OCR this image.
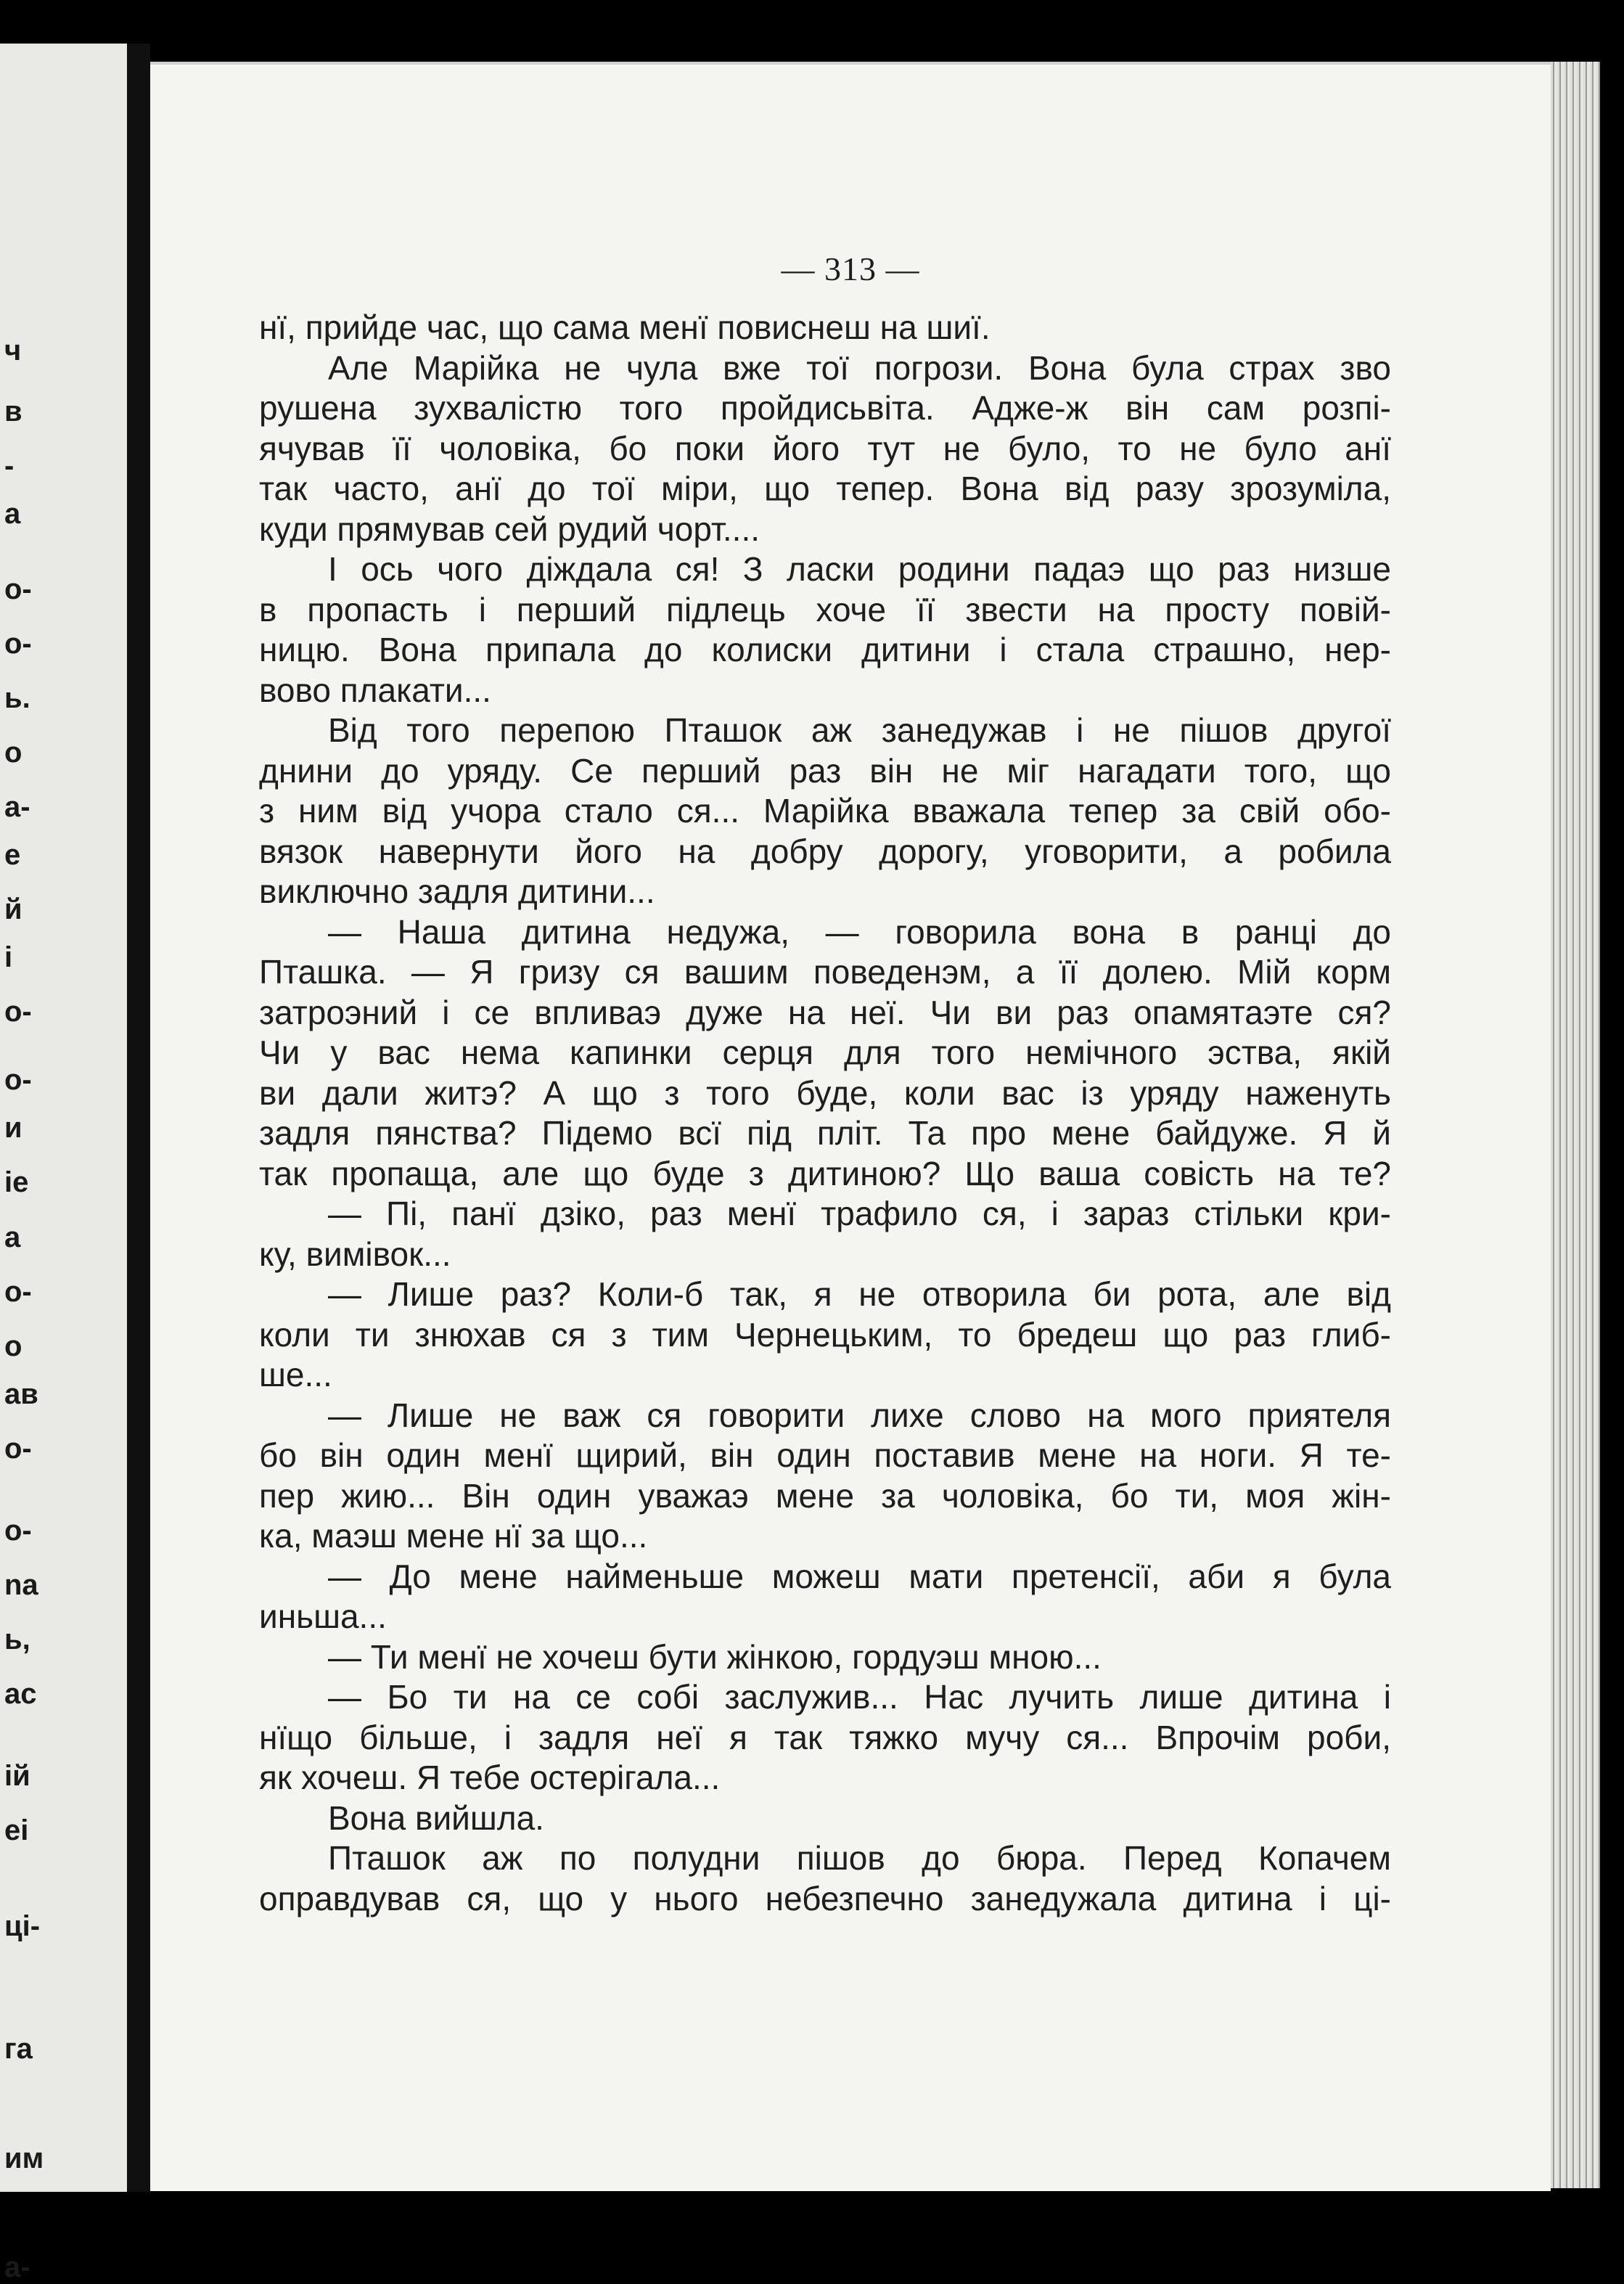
ч
в
-
а
о-
о-
ь.
о
а-
е
й
і
о-
о-
и
ie
a
о-
о
ав
о-
о-
na
ь,
ас
ій
ei
ці-
га
им
а-
— 313 —
нї, прийде час, що сама менї повиснеш на шиї.
Але Марійка не чула вже тої погрози. Вона була страх зво
рушена зухвалістю того пройдисьвіта. Адже-ж він сам розпі-
ячував її чоловіка, бо поки його тут не було, то не було анї
так часто, анї до тої міри, що тепер. Вона від разу зрозуміла,
куди прямував сей рудий чорт....
І ось чого діждала ся! З ласки родини падаэ що раз низше
в пропасть і перший підлець хоче її звести на просту повій-
ницю. Вона припала до колиски дитини і стала страшно, нер-
вово плакати...
Від того перепою Пташок аж занедужав і не пішов другої
днини до уряду. Се перший раз він не міг нагадати того, що
з ним від учора стало ся... Марійка вважала тепер за свій обо-
вязок навернути його на добру дорогу, уговорити, а робила
виключно задля дитини...
— Наша дитина недужа, — говорила вона в ранці до
Пташка. — Я гризу ся вашим поведенэм, а її долею. Мій корм
затроэний і се впливаэ дуже на неї. Чи ви раз опамятаэте ся?
Чи у вас нема капинки серця для того немічного эства, якій
ви дали житэ? А що з того буде, коли вас із уряду наженуть
задля пянства? Підемо всї під пліт. Та про мене байдуже. Я й
так пропаща, але що буде з дитиною? Що ваша совість на те?
— Пі, панї дзіко, раз менї трафило ся, і зараз стільки кри-
ку, вимівок...
— Лише раз? Коли-б так, я не отворила би рота, але від
коли ти знюхав ся з тим Чернецьким, то бредеш що раз глиб-
ше...
— Лише не важ ся говорити лихе слово на мого приятеля
бо він один менї щирий, він один поставив мене на ноги. Я те-
пер жию... Він один уважаэ мене за чоловіка, бо ти, моя жін-
ка, маэш мене нї за що...
— До мене найменьше можеш мати претенсії, аби я була
иньша...
— Ти менї не хочеш бути жінкою, гордуэш мною...
— Бо ти на се собі заслужив... Нас лучить лише дитина і
нїщо більше, і задля неї я так тяжко мучу ся... Впрочім роби,
як хочеш. Я тебе остерігала...
Вона вийшла.
Пташок аж по полудни пішов до бюра. Перед Копачем
оправдував ся, що у нього небезпечно занедужала дитина і ці-
